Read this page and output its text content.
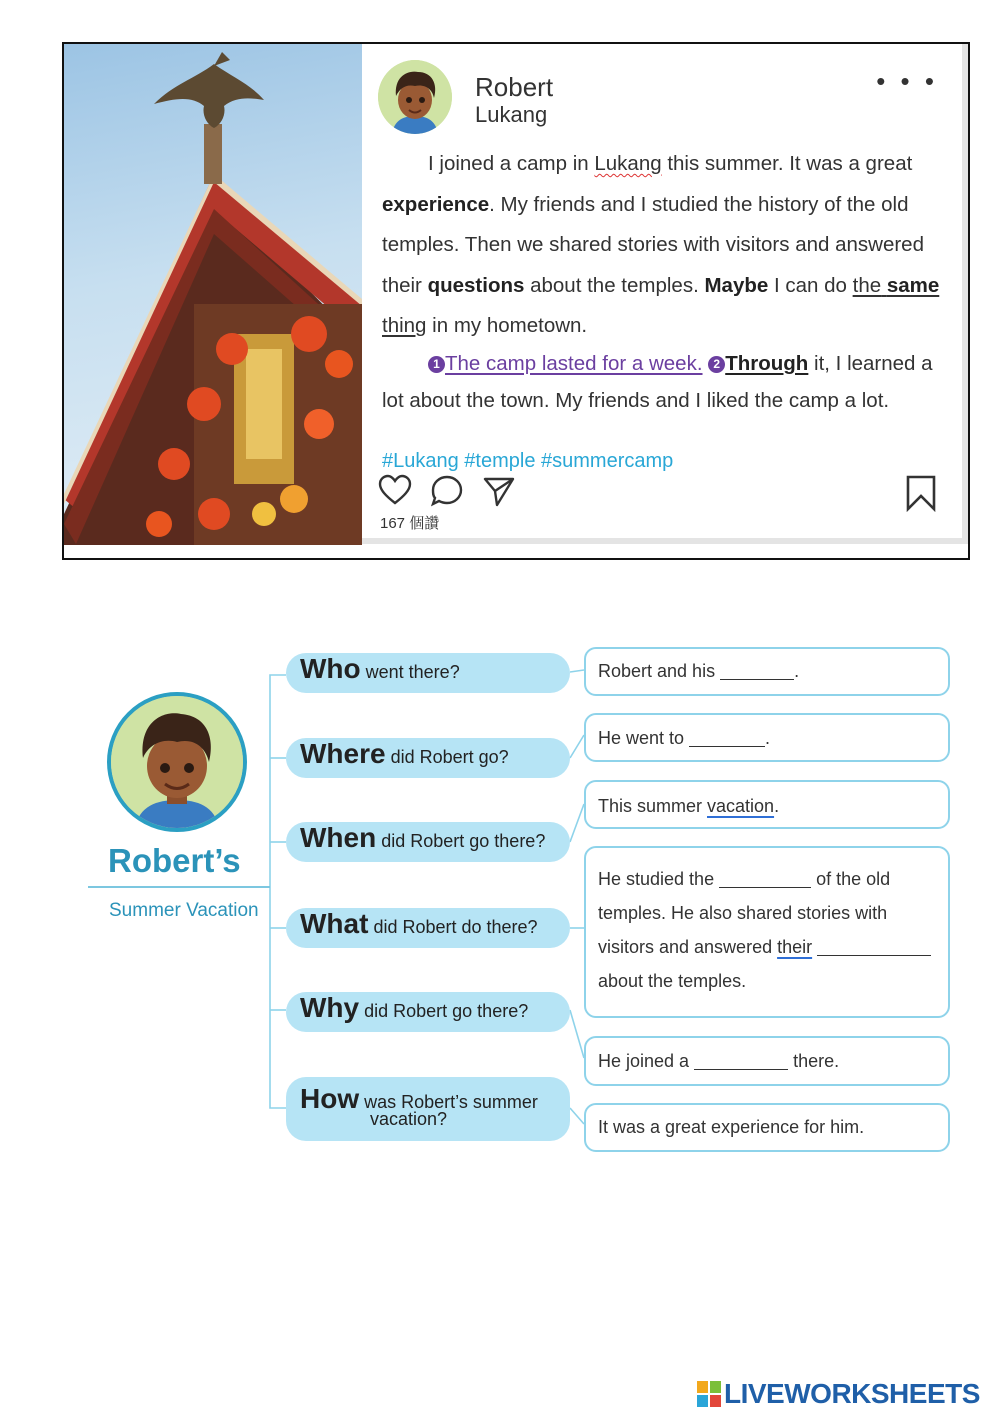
Robert
Lukang
• • •

I joined a camp in Lukang this summer. It was a great experience. My friends and I studied the history of the old temples. Then we shared stories with visitors and answered their questions about the temples. Maybe I can do the same thing in my hometown.

1 The camp lasted for a week. 2 Through it, I learned a lot about the town. My friends and I liked the camp a lot.

#Lukang #temple #summercamp
167 個讚
Robert’s
Summer Vacation
Who went there?
Where did Robert go?
When did Robert go there?
What did Robert do there?
Why did Robert go there?
How was Robert’s summer
vacation?
Robert and his	.
He went to	.
This summer vacation.
He studied the	of the old
temples. He also shared stories with
visitors and answered their
about the temples.
He joined a	there.
It was a great experience for him.
LIVEWORKSHEETS
